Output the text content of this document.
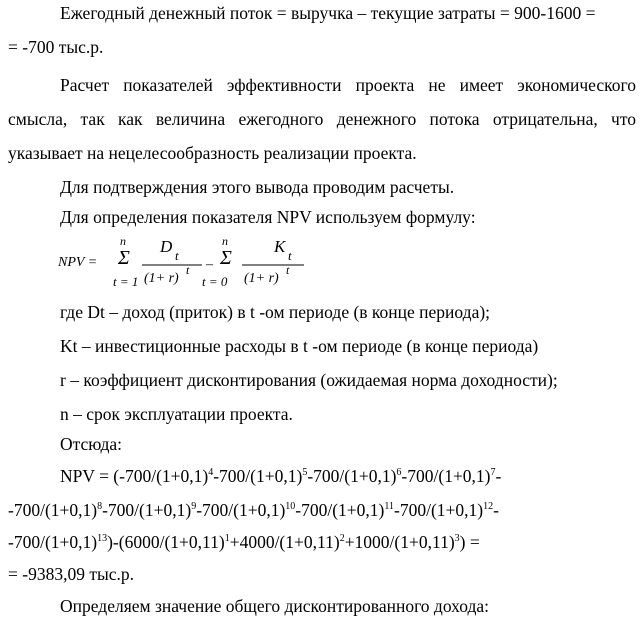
Ежегодный денежный поток = выручка – текущие затраты = 900-1600 =
= -700 тыс.р.
Расчет показателей эффективности проекта не имеет экономического
смысла, так как величина ежегодного денежного потока отрицательна, что
указывает на нецелесообразность реализации проекта.
Для подтверждения этого вывода проводим расчеты.
Для определения показателя NPV используем формулу:
NPV =
n
Σ
t = 1
D t
(1+ r)
t –
n
Σ
t = 0
K t
(1+ r)
t
где Dt – доход (приток) в t -ом периоде (в конце периода);
Kt – инвестиционные расходы в t -ом периоде (в конце периода)
r – коэффициент дисконтирования (ожидаемая норма доходности);
n – срок эксплуатации проекта.
Отсюда:
NPV = ($-700/(1+0,1)^4-700/(1+0,1)^5-700/(1+0,1)^6-700/(1+0,1)^7-$
$-700/(1+0,1)^8-700/(1+0,1)^9-700/(1+0,1)^{10}-700/(1+0,1)^{11}-700/(1+0,1)^{12}-$
$-700/(1+0,1)^{13})-(6000/(1+0,11)^1+4000/(1+0,11)^2+1000/(1+0,11)^3)$ =
= -9383,09 тыс.р.
Определяем значение общего дисконтированного дохода:
